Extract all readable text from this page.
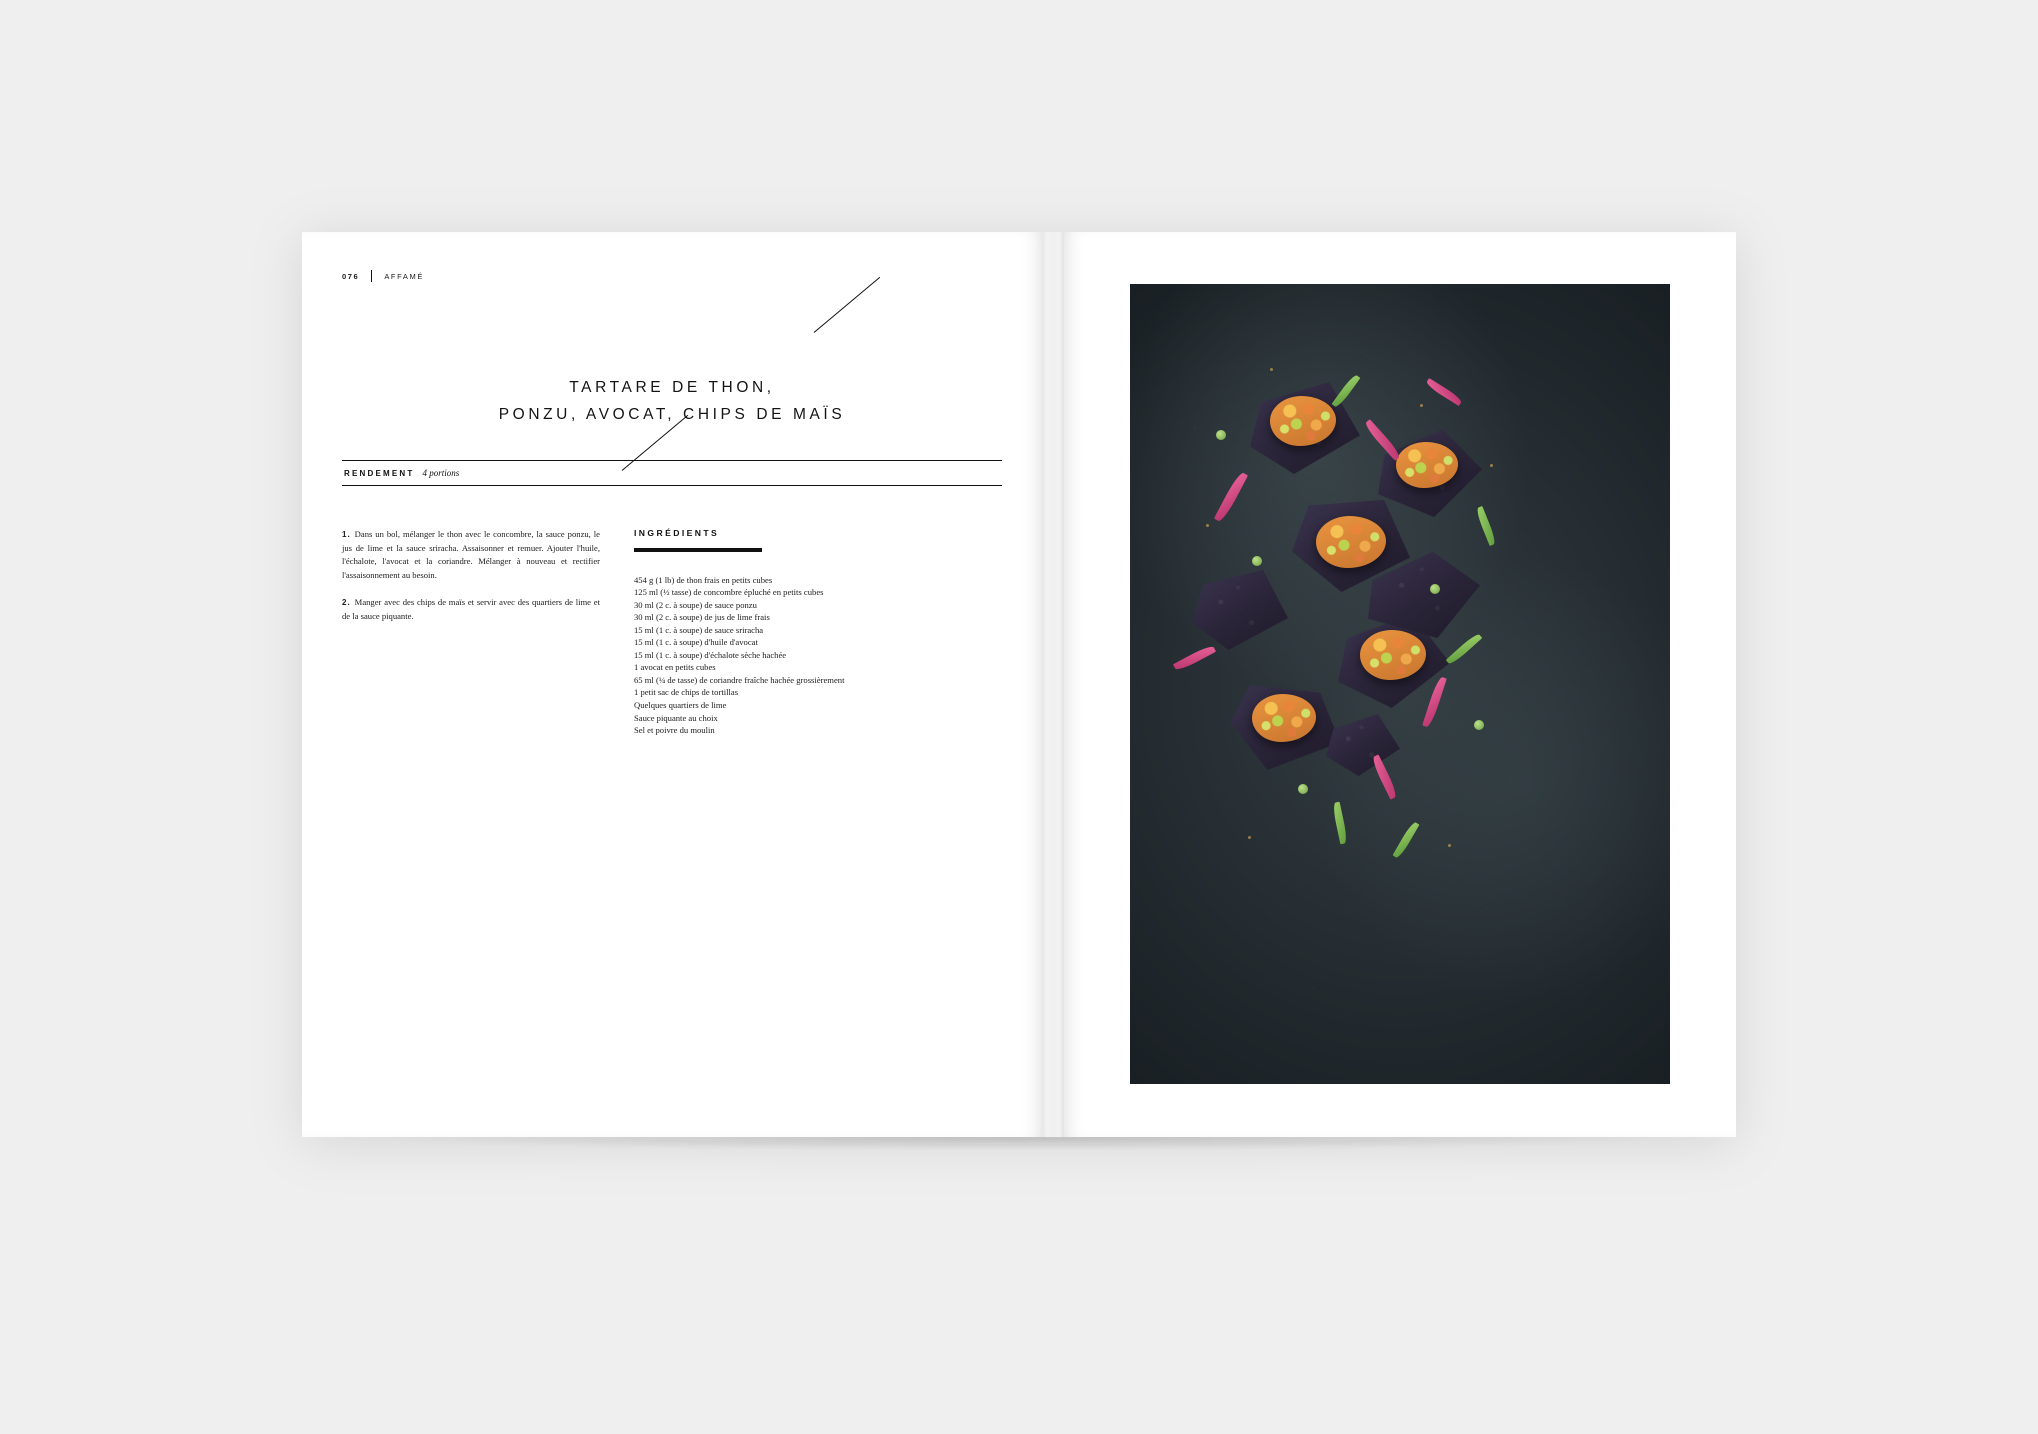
076	AFFAMÉ
TARTARE DE THON,
PONZU, AVOCAT, CHIPS DE MAÏS
RENDEMENT 4 portions

1. Dans un bol, mélanger le thon avec le concombre, la sauce ponzu, le jus de lime et la sauce sriracha. Assaisonner et remuer. Ajouter l'huile, l'échalote, l'avocat et la coriandre. Mélanger à nouveau et rectifier l'assaisonnement au besoin.

2. Manger avec des chips de maïs et servir avec des quartiers de lime et de la sauce piquante.

INGRÉDIENTS
454 g (1 lb) de thon frais en petits cubes
125 ml (½ tasse) de concombre épluché en petits cubes
30 ml (2 c. à soupe) de sauce ponzu
30 ml (2 c. à soupe) de jus de lime frais
15 ml (1 c. à soupe) de sauce sriracha
15 ml (1 c. à soupe) d'huile d'avocat
15 ml (1 c. à soupe) d'échalote sèche hachée
1 avocat en petits cubes
65 ml (¼ de tasse) de coriandre fraîche hachée grossièrement
1 petit sac de chips de tortillas
Quelques quartiers de lime
Sauce piquante au choix
Sel et poivre du moulin
